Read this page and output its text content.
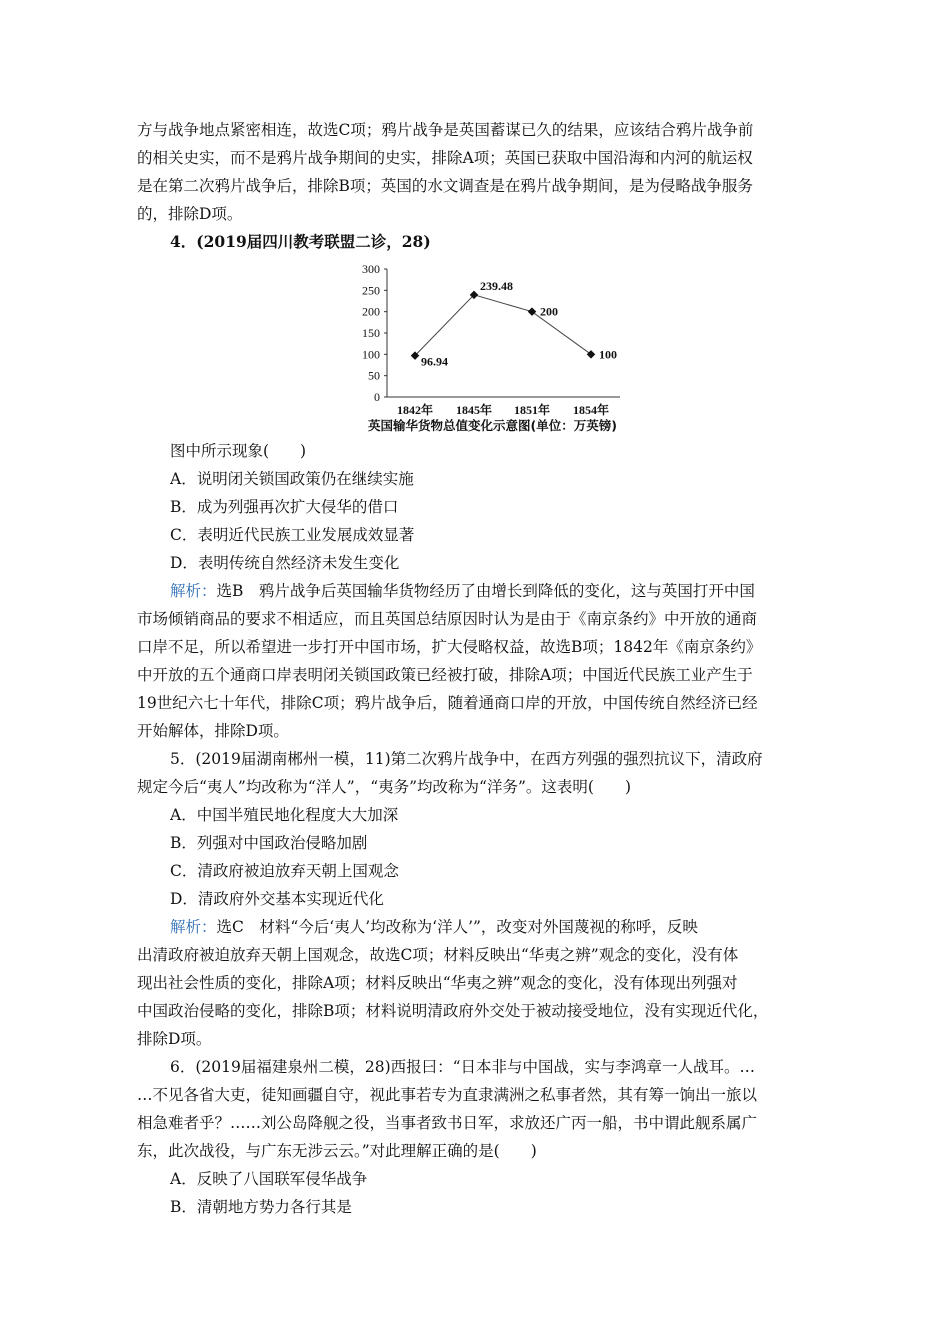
方与战争地点紧密相连，故选C项；鸦片战争是英国蓄谋已久的结果，应该结合鸦片战争前
的相关史实，而不是鸦片战争期间的史实，排除A项；英国已获取中国沿海和内河的航运权
是在第二次鸦片战争后，排除B项；英国的水文调查是在鸦片战争期间，是为侵略战争服务
的，排除D项。
4．(2019届四川教考联盟二诊，28)
0
50
100
150
200
250
300
1842年 1845年 1851年 1854年
96.94
239.48
200
100
英国输华货物总值变化示意图(单位：万英镑)
图中所示现象(　　)
A．说明闭关锁国政策仍在继续实施
B．成为列强再次扩大侵华的借口
C．表明近代民族工业发展成效显著
D．表明传统自然经济未发生变化
解析：选B　鸦片战争后英国输华货物经历了由增长到降低的变化，这与英国打开中国
市场倾销商品的要求不相适应，而且英国总结原因时认为是由于《南京条约》中开放的通商
口岸不足，所以希望进一步打开中国市场，扩大侵略权益，故选B项；1842年《南京条约》
中开放的五个通商口岸表明闭关锁国政策已经被打破，排除A项；中国近代民族工业产生于
19世纪六七十年代，排除C项；鸦片战争后，随着通商口岸的开放，中国传统自然经济已经
开始解体，排除D项。
5．(2019届湖南郴州一模，11)第二次鸦片战争中，在西方列强的强烈抗议下，清政府
规定今后“夷人”均改称为“洋人”，“夷务”均改称为“洋务”。这表明(　　)
A．中国半殖民地化程度大大加深
B．列强对中国政治侵略加剧
C．清政府被迫放弃天朝上国观念
D．清政府外交基本实现近代化
解析：选C　材料“今后‘夷人’均改称为‘洋人’”，改变对外国蔑视的称呼，反映
出清政府被迫放弃天朝上国观念，故选C项；材料反映出“华夷之辨”观念的变化，没有体
现出社会性质的变化，排除A项；材料反映出“华夷之辨”观念的变化，没有体现出列强对
中国政治侵略的变化，排除B项；材料说明清政府外交处于被动接受地位，没有实现近代化，
排除D项。
6．(2019届福建泉州二模，28)西报曰：“日本非与中国战，实与李鸿章一人战耳。…
…不见各省大吏，徒知画疆自守，视此事若专为直隶满洲之私事者然，其有筹一饷出一旅以
相急难者乎？……刘公岛降舰之役，当事者致书日军，求放还广丙一船，书中谓此舰系属广
东，此次战役，与广东无涉云云。”对此理解正确的是(　　)
A．反映了八国联军侵华战争
B．清朝地方势力各行其是
